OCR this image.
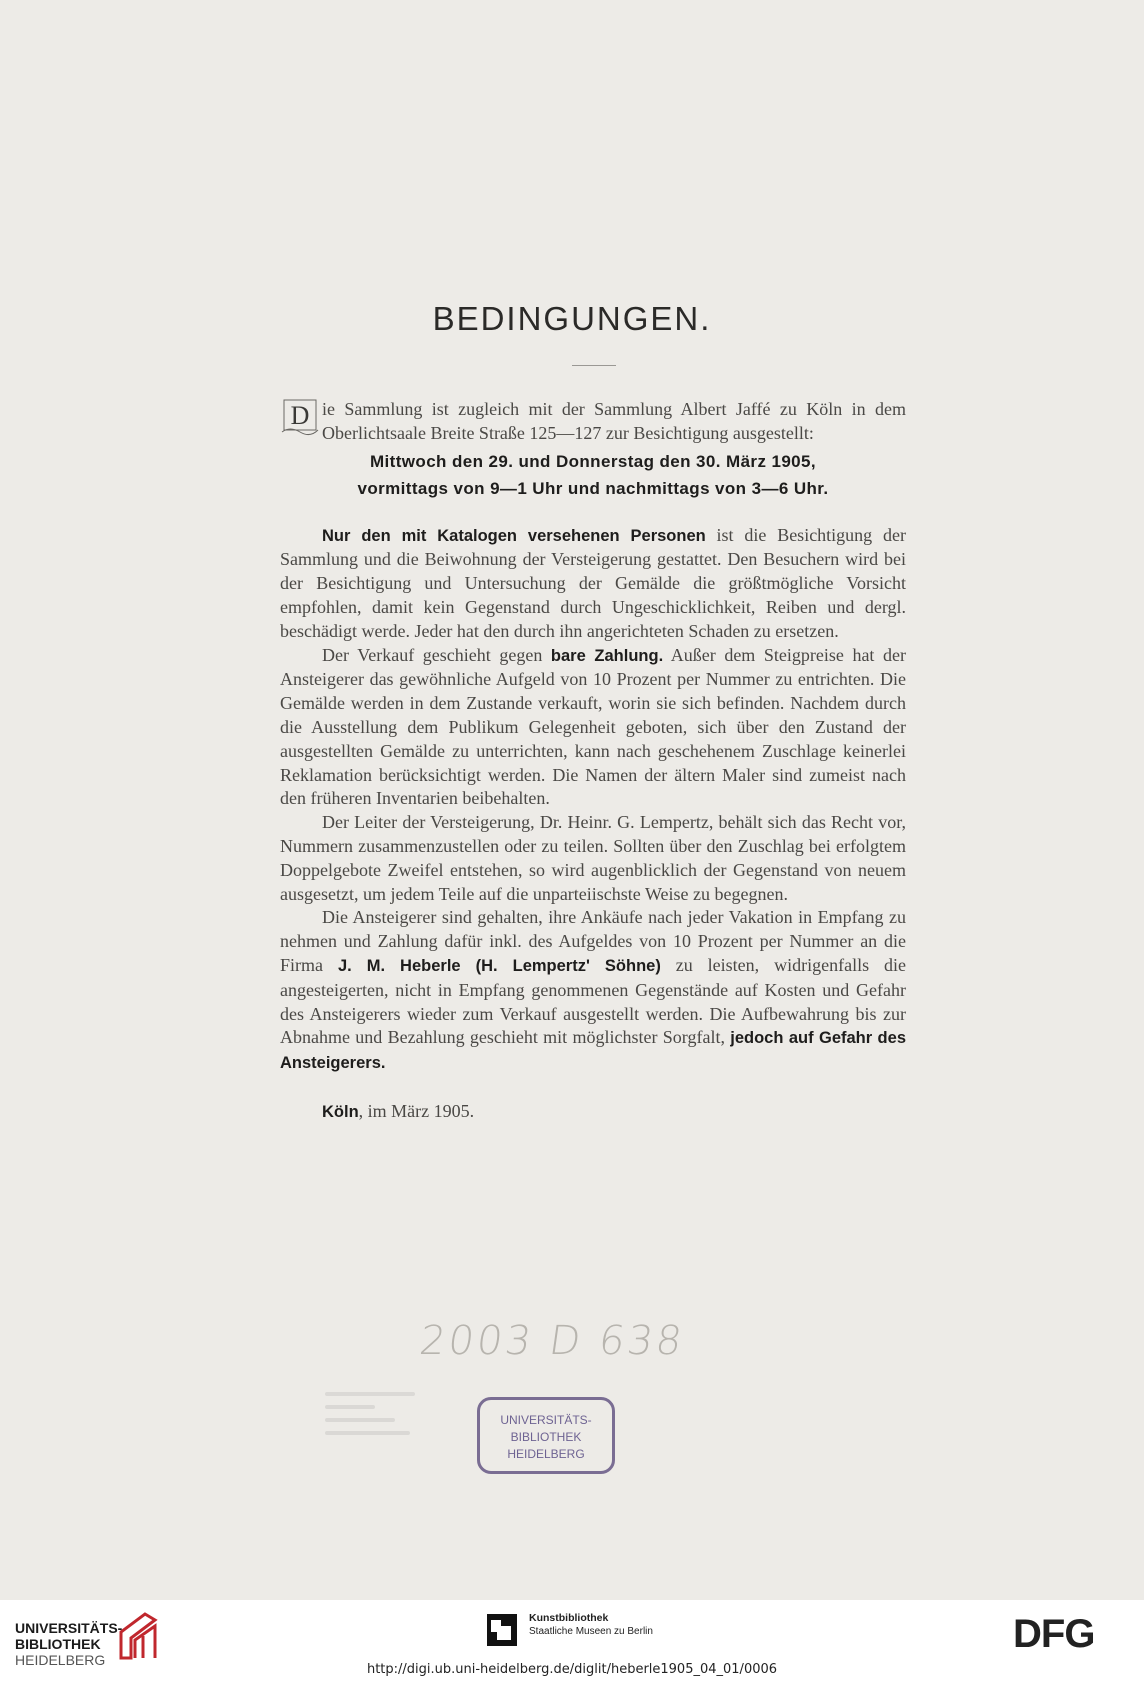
BEDINGUNGEN.

D ie Sammlung ist zugleich mit der Sammlung Albert Jaffé zu Köln in dem Oberlichtsaale Breite Straße 125—127 zur Besichtigung ausgestellt:

Mittwoch den 29. und Donnerstag den 30. März 1905,
vormittags von 9—1 Uhr und nachmittags von 3—6 Uhr.

Nur den mit Katalogen versehenen Personen ist die Besichtigung der Sammlung und die Beiwohnung der Versteigerung gestattet. Den Besuchern wird bei der Besichtigung und Untersuchung der Gemälde die größtmögliche Vorsicht empfohlen, damit kein Gegenstand durch Ungeschicklichkeit, Reiben und dergl. beschädigt werde. Jeder hat den durch ihn angerichteten Schaden zu ersetzen.

Der Verkauf geschieht gegen bare Zahlung. Außer dem Steigpreise hat der Ansteigerer das gewöhnliche Aufgeld von 10 Prozent per Nummer zu entrichten. Die Gemälde werden in dem Zustande verkauft, worin sie sich befinden. Nachdem durch die Ausstellung dem Publikum Gelegenheit geboten, sich über den Zustand der ausgestellten Gemälde zu unterrichten, kann nach geschehenem Zuschlage keinerlei Reklamation berücksichtigt werden. Die Namen der ältern Maler sind zumeist nach den früheren Inventarien beibehalten.

Der Leiter der Versteigerung, Dr. Heinr. G. Lempertz, behält sich das Recht vor, Nummern zusammenzustellen oder zu teilen. Sollten über den Zuschlag bei erfolgtem Doppelgebote Zweifel entstehen, so wird augenblicklich der Gegenstand von neuem ausgesetzt, um jedem Teile auf die unparteiischste Weise zu begegnen.

Die Ansteigerer sind gehalten, ihre Ankäufe nach jeder Vakation in Empfang zu nehmen und Zahlung dafür inkl. des Aufgeldes von 10 Prozent per Nummer an die Firma J. M. Heberle (H. Lempertz' Söhne) zu leisten, widrigenfalls die angesteigerten, nicht in Empfang genommenen Gegenstände auf Kosten und Gefahr des Ansteigerers wieder zum Verkauf ausgestellt werden. Die Aufbewahrung bis zur Abnahme und Bezahlung geschieht mit möglichster Sorgfalt, jedoch auf Gefahr des Ansteigerers.

Köln, im März 1905.

2003 D 638
UNIVERSITÄTS-
BIBLIOTHEK
HEIDELBERG
UNIVERSITÄTS-
BIBLIOTHEK
HEIDELBERG
Kunstbibliothek
Staatliche Museen zu Berlin	DFG
http://digi.ub.uni-heidelberg.de/diglit/heberle1905_04_01/0006
